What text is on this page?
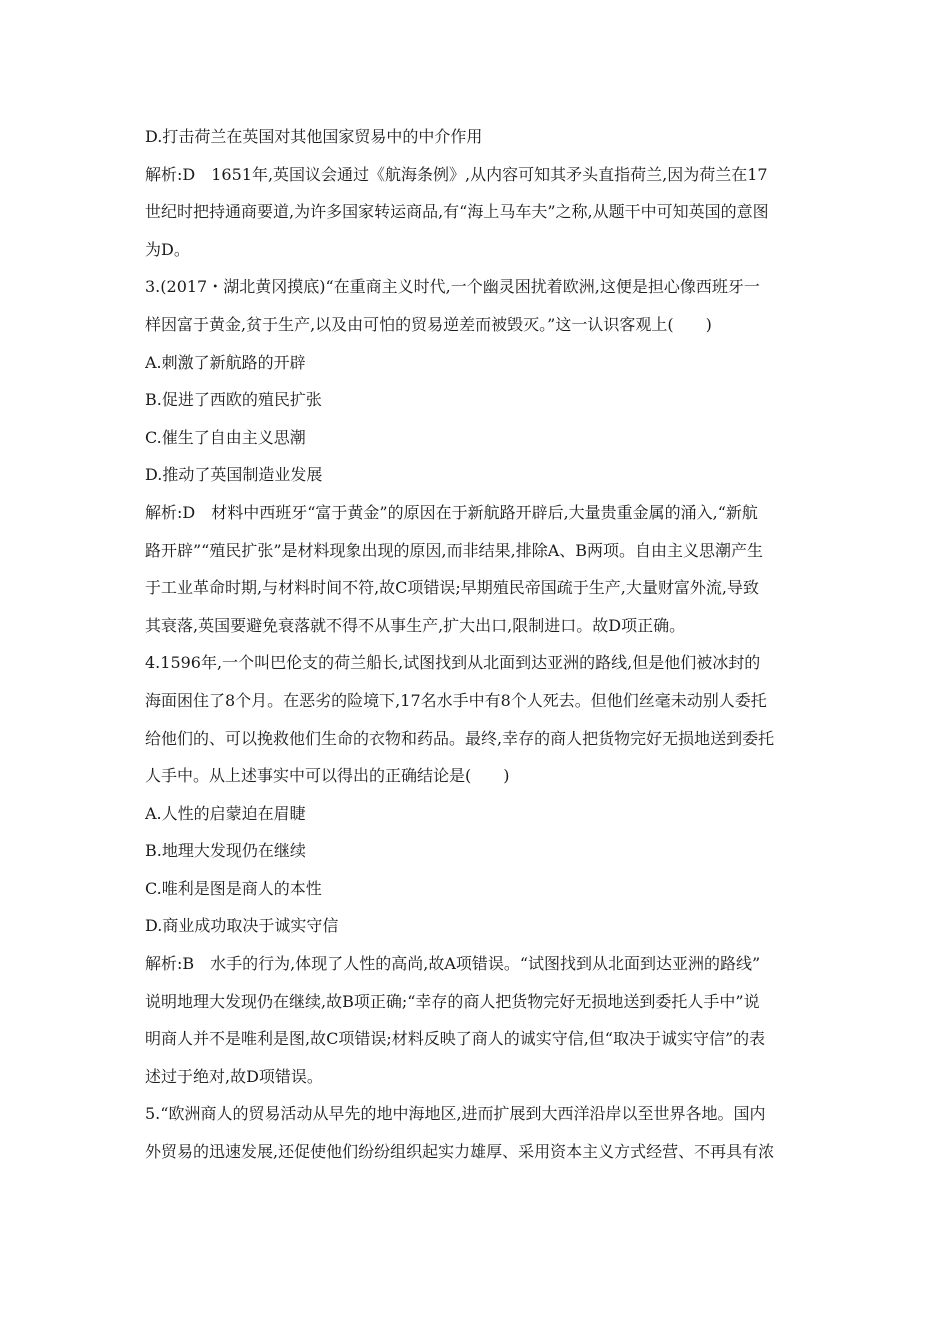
D.打击荷兰在英国对其他国家贸易中的中介作用
解析:D　1651年,英国议会通过《航海条例》,从内容可知其矛头直指荷兰,因为荷兰在17
世纪时把持通商要道,为许多国家转运商品,有“海上马车夫”之称,从题干中可知英国的意图
为D。
3.(2017・湖北黄冈摸底)“在重商主义时代,一个幽灵困扰着欧洲,这便是担心像西班牙一
样因富于黄金,贫于生产,以及由可怕的贸易逆差而被毁灭。”这一认识客观上(　　)
A.刺激了新航路的开辟
B.促进了西欧的殖民扩张
C.催生了自由主义思潮
D.推动了英国制造业发展
解析:D　材料中西班牙“富于黄金”的原因在于新航路开辟后,大量贵重金属的涌入,“新航
路开辟”“殖民扩张”是材料现象出现的原因,而非结果,排除A、B两项。自由主义思潮产生
于工业革命时期,与材料时间不符,故C项错误;早期殖民帝国疏于生产,大量财富外流,导致
其衰落,英国要避免衰落就不得不从事生产,扩大出口,限制进口。故D项正确。
4.1596年,一个叫巴伦支的荷兰船长,试图找到从北面到达亚洲的路线,但是他们被冰封的
海面困住了8个月。在恶劣的险境下,17名水手中有8个人死去。但他们丝毫未动别人委托
给他们的、可以挽救他们生命的衣物和药品。最终,幸存的商人把货物完好无损地送到委托
人手中。从上述事实中可以得出的正确结论是(　　)
A.人性的启蒙迫在眉睫
B.地理大发现仍在继续
C.唯利是图是商人的本性
D.商业成功取决于诚实守信
解析:B　水手的行为,体现了人性的高尚,故A项错误。“试图找到从北面到达亚洲的路线”
说明地理大发现仍在继续,故B项正确;“幸存的商人把货物完好无损地送到委托人手中”说
明商人并不是唯利是图,故C项错误;材料反映了商人的诚实守信,但“取决于诚实守信”的表
述过于绝对,故D项错误。
5.“欧洲商人的贸易活动从早先的地中海地区,进而扩展到大西洋沿岸以至世界各地。国内
外贸易的迅速发展,还促使他们纷纷组织起实力雄厚、采用资本主义方式经营、不再具有浓
